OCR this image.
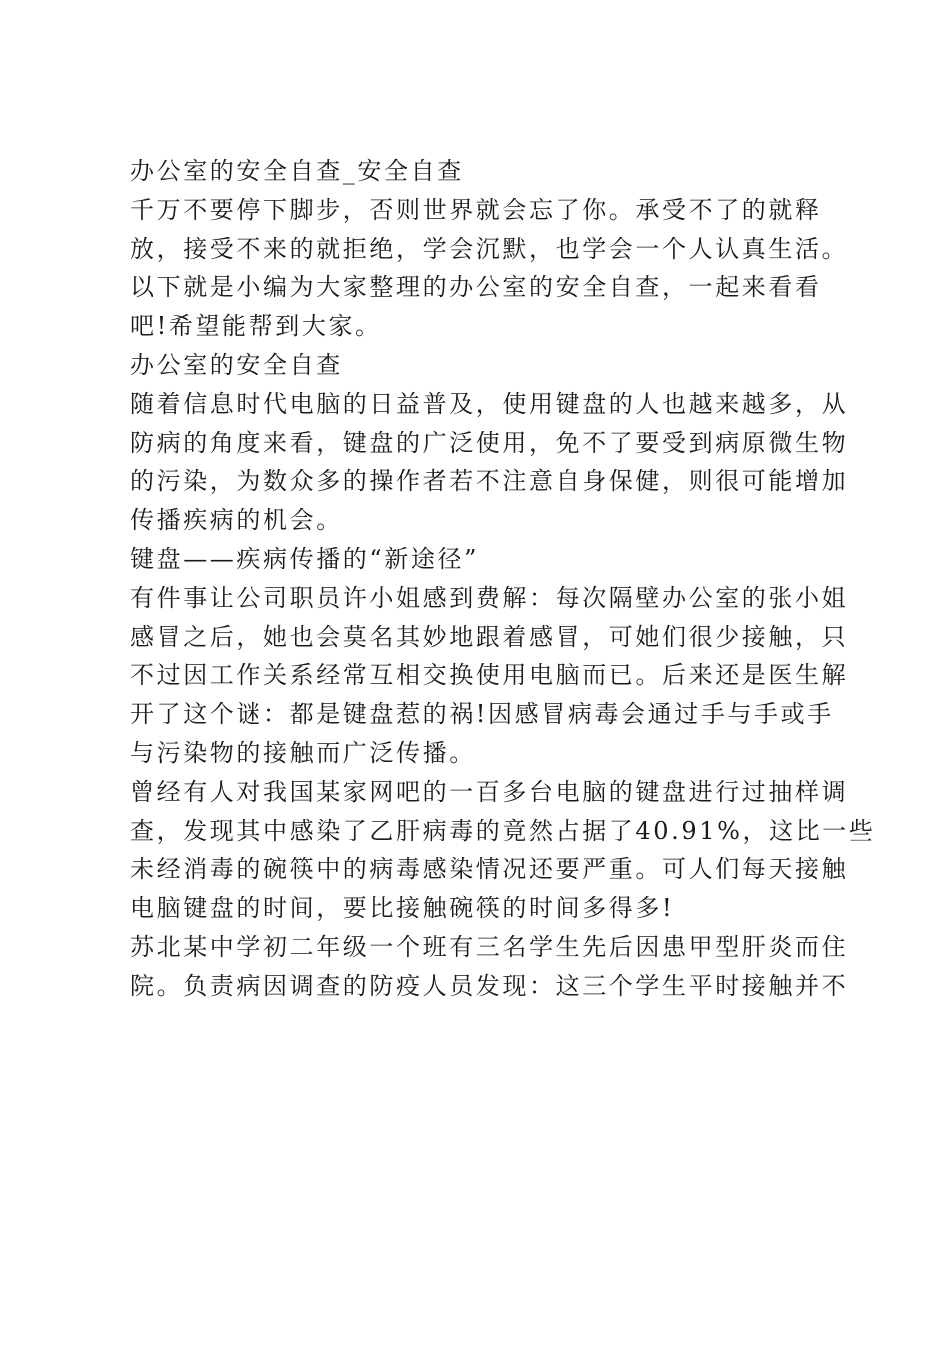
办公室的安全自查_安全自查
千万不要停下脚步，否则世界就会忘了你。承受不了的就释
放，接受不来的就拒绝，学会沉默，也学会一个人认真生活。
以下就是小编为大家整理的办公室的安全自查，一起来看看
吧!希望能帮到大家。
办公室的安全自查
随着信息时代电脑的日益普及，使用键盘的人也越来越多，从
防病的角度来看，键盘的广泛使用，免不了要受到病原微生物
的污染，为数众多的操作者若不注意自身保健，则很可能增加
传播疾病的机会。
键盘——疾病传播的“新途径”
有件事让公司职员许小姐感到费解：每次隔壁办公室的张小姐
感冒之后，她也会莫名其妙地跟着感冒，可她们很少接触，只
不过因工作关系经常互相交换使用电脑而已。后来还是医生解
开了这个谜：都是键盘惹的祸!因感冒病毒会通过手与手或手
与污染物的接触而广泛传播。
曾经有人对我国某家网吧的一百多台电脑的键盘进行过抽样调
查，发现其中感染了乙肝病毒的竟然占据了40.91%，这比一些
未经消毒的碗筷中的病毒感染情况还要严重。可人们每天接触
电脑键盘的时间，要比接触碗筷的时间多得多!
苏北某中学初二年级一个班有三名学生先后因患甲型肝炎而住
院。负责病因调查的防疫人员发现：这三个学生平时接触并不
